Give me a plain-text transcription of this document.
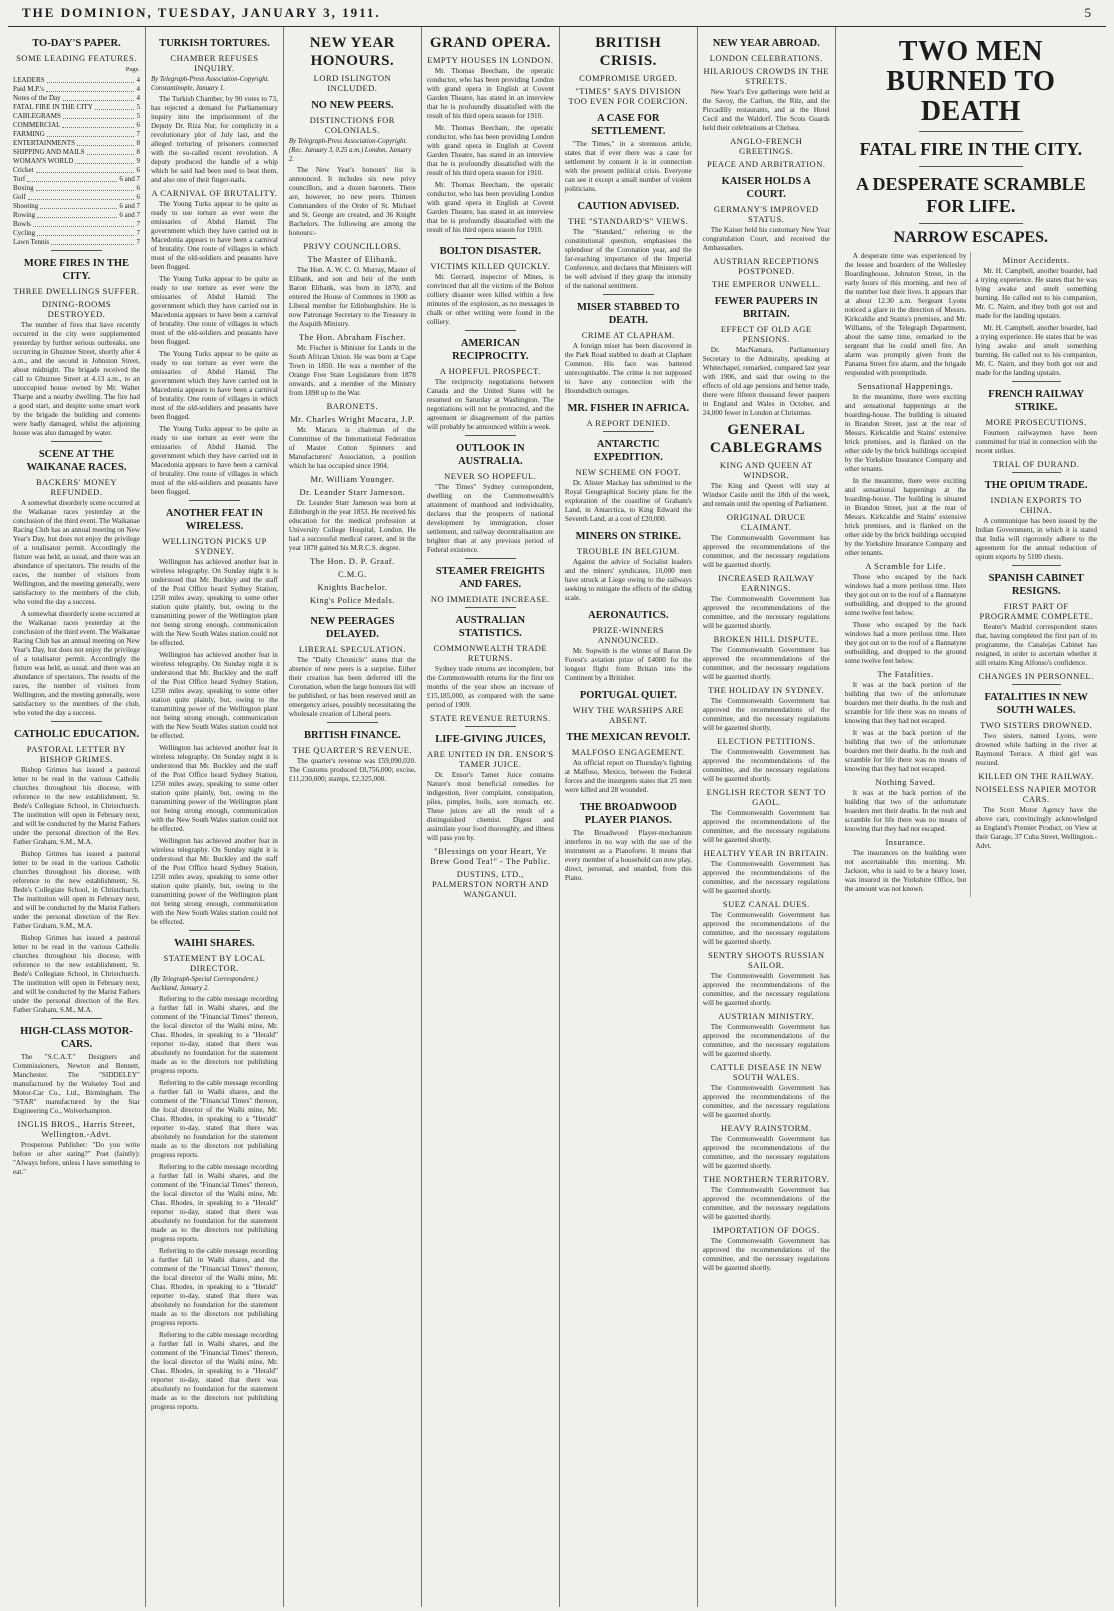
THE DOMINION, TUESDAY, JANUARY 3, 1911.	5
TO-DAY'S PAPER.
SOME LEADING FEATURES.
Page.
LEADERS	4
Paid M.P.'s	4
Notes of the Day	4
FATAL FIRE IN THE CITY	5
CABLEGRAMS	5
COMMERCIAL	6
FARMING	7
ENTERTAINMENTS	8
SHIPPING AND MAILS	8
WOMAN'S WORLD	9
Cricket	6
Turf	6 and 7
Boxing	6
Golf	6
Shooting	6 and 7
Rowing	6 and 7
Bowls	7
Cycling	7
Lawn Tennis	7
MORE FIRES IN THE CITY.
THREE DWELLINGS SUFFER.
DINING-ROOMS DESTROYED.

The number of fires that have recently occurred in the city were supplemented yesterday by further serious outbreaks, one occurring in Ghuznee Street, shortly after 4 a.m., and the second in Johnston Street, about midnight. The brigade received the call to Ghuznee Street at 4.13 a.m., to an unoccupied house owned by Mr. Walter Tharpe and a nearby dwelling. The fire had a good start, and despite some smart work by the brigade the building and contents were badly damaged, whilst the adjoining house was also damaged by water.

SCENE AT THE WAIKANAE RACES.
BACKERS' MONEY REFUNDED.

A somewhat disorderly scene occurred at the Waikanae races yesterday at the conclusion of the third event. The Waikanae Racing Club has an annual meeting on New Year's Day, but does not enjoy the privilege of a totalisator permit. Accordingly the fixture was held, as usual, and there was an abundance of spectators. The results of the races, the number of visitors from Wellington, and the meeting generally, were satisfactory to the members of the club, who voted the day a success.

A somewhat disorderly scene occurred at the Waikanae races yesterday at the conclusion of the third event. The Waikanae Racing Club has an annual meeting on New Year's Day, but does not enjoy the privilege of a totalisator permit. Accordingly the fixture was held, as usual, and there was an abundance of spectators. The results of the races, the number of visitors from Wellington, and the meeting generally, were satisfactory to the members of the club, who voted the day a success.

CATHOLIC EDUCATION.
PASTORAL LETTER BY BISHOP GRIMES.

Bishop Grimes has issued a pastoral letter to be read in the various Catholic churches throughout his diocese, with reference to the new establishment, St. Bede's Collegiate School, in Christchurch. The institution will open in February next, and will be conducted by the Marist Fathers under the personal direction of the Rev. Father Graham, S.M., M.A.

Bishop Grimes has issued a pastoral letter to be read in the various Catholic churches throughout his diocese, with reference to the new establishment, St. Bede's Collegiate School, in Christchurch. The institution will open in February next, and will be conducted by the Marist Fathers under the personal direction of the Rev. Father Graham, S.M., M.A.

Bishop Grimes has issued a pastoral letter to be read in the various Catholic churches throughout his diocese, with reference to the new establishment, St. Bede's Collegiate School, in Christchurch. The institution will open in February next, and will be conducted by the Marist Fathers under the personal direction of the Rev. Father Graham, S.M., M.A.

HIGH-CLASS MOTOR-CARS.

The "S.C.A.T." Designers and Commissioners, Newton and Bennett, Manchester. The "SIDDELEY" manufactured by the Wolseley Tool and Motor-Car Co., Ltd., Birmingham. The "STAR" manufactured by the Star Engineering Co., Wolverhampton.

INGLIS BROS., Harris Street, Wellington.-Advt.

Prosperous Publisher: "Do you write before or after eating?" Poet (faintly): "Always before, unless I have something to eat."

TURKISH TORTURES.
CHAMBER REFUSES INQUIRY.
By Telegraph-Press Association-Copyright. Constantinople, January 1.

The Turkish Chamber, by 90 votes to 73, has rejected a demand for Parliamentary inquiry into the imprisonment of the Deputy Dr. Riza Nur, for complicity in a revolutionary plot of July last, and the alleged torturing of prisoners connected with the so-called recent revolution. A deputy produced the handle of a whip which he said had been used to beat them, and also one of their finger-nails.

A CARNIVAL OF BRUTALITY.

The Young Turks appear to be quite as ready to use torture as ever were the emissaries of Abdul Hamid. The government which they have carried out in Macedonia appears to have been a carnival of brutality. One route of villages in which most of the old-soldiers and peasants have been flogged.

The Young Turks appear to be quite as ready to use torture as ever were the emissaries of Abdul Hamid. The government which they have carried out in Macedonia appears to have been a carnival of brutality. One route of villages in which most of the old-soldiers and peasants have been flogged.

The Young Turks appear to be quite as ready to use torture as ever were the emissaries of Abdul Hamid. The government which they have carried out in Macedonia appears to have been a carnival of brutality. One route of villages in which most of the old-soldiers and peasants have been flogged.

The Young Turks appear to be quite as ready to use torture as ever were the emissaries of Abdul Hamid. The government which they have carried out in Macedonia appears to have been a carnival of brutality. One route of villages in which most of the old-soldiers and peasants have been flogged.

ANOTHER FEAT IN WIRELESS.
WELLINGTON PICKS UP SYDNEY.

Wellington has achieved another feat in wireless telegraphy. On Sunday night it is understood that Mr. Buckley and the staff of the Post Office heard Sydney Station, 1250 miles away, speaking to some other station quite plainly, but, owing to the transmitting power of the Wellington plant not being strong enough, communication with the New South Wales station could not be effected.

Wellington has achieved another feat in wireless telegraphy. On Sunday night it is understood that Mr. Buckley and the staff of the Post Office heard Sydney Station, 1250 miles away, speaking to some other station quite plainly, but, owing to the transmitting power of the Wellington plant not being strong enough, communication with the New South Wales station could not be effected.

Wellington has achieved another feat in wireless telegraphy. On Sunday night it is understood that Mr. Buckley and the staff of the Post Office heard Sydney Station, 1250 miles away, speaking to some other station quite plainly, but, owing to the transmitting power of the Wellington plant not being strong enough, communication with the New South Wales station could not be effected.

Wellington has achieved another feat in wireless telegraphy. On Sunday night it is understood that Mr. Buckley and the staff of the Post Office heard Sydney Station, 1250 miles away, speaking to some other station quite plainly, but, owing to the transmitting power of the Wellington plant not being strong enough, communication with the New South Wales station could not be effected.

WAIHI SHARES.
STATEMENT BY LOCAL DIRECTOR.
(By Telegraph-Special Correspondent.) Auckland, January 2.

Referring to the cable message recording a further fall in Waihi shares, and the comment of the "Financial Times" thereon, the local director of the Waihi mine, Mr. Chas. Rhodes, in speaking to a "Herald" reporter to-day, stated that there was absolutely no foundation for the statement made as to the directors not publishing progress reports.

Referring to the cable message recording a further fall in Waihi shares, and the comment of the "Financial Times" thereon, the local director of the Waihi mine, Mr. Chas. Rhodes, in speaking to a "Herald" reporter to-day, stated that there was absolutely no foundation for the statement made as to the directors not publishing progress reports.

Referring to the cable message recording a further fall in Waihi shares, and the comment of the "Financial Times" thereon, the local director of the Waihi mine, Mr. Chas. Rhodes, in speaking to a "Herald" reporter to-day, stated that there was absolutely no foundation for the statement made as to the directors not publishing progress reports.

Referring to the cable message recording a further fall in Waihi shares, and the comment of the "Financial Times" thereon, the local director of the Waihi mine, Mr. Chas. Rhodes, in speaking to a "Herald" reporter to-day, stated that there was absolutely no foundation for the statement made as to the directors not publishing progress reports.

Referring to the cable message recording a further fall in Waihi shares, and the comment of the "Financial Times" thereon, the local director of the Waihi mine, Mr. Chas. Rhodes, in speaking to a "Herald" reporter to-day, stated that there was absolutely no foundation for the statement made as to the directors not publishing progress reports.

NEW YEAR HONOURS.
LORD ISLINGTON INCLUDED.
NO NEW PEERS.
DISTINCTIONS FOR COLONIALS.
By Telegraph-Press Association-Copyright. (Rec. January 3, 0.25 a.m.) London, January 2.

The New Year's honours' list is announced. It includes six new privy councillors, and a dozen baronets. There are, however, no new peers. Thirteen Commanders of the Order of St. Michael and St. George are created, and 36 Knight Bachelors. The following are among the honours:-

PRIVY COUNCILLORS.
The Master of Elibank.

The Hon. A. W. C. O. Murray, Master of Elibank, and son and heir of the tenth Baron Elibank, was born in 1870, and entered the House of Commons in 1900 as Liberal member for Edinburghshire. He is now Patronage Secretary to the Treasury in the Asquith Ministry.

The Hon. Abraham Fischer.

Mr. Fischer is Minister for Lands in the South African Union. He was born at Cape Town in 1850. He was a member of the Orange Free State Legislature from 1878 onwards, and a member of the Ministry from 1898 up to the War.

BARONETS.
Mr. Charles Wright Macara, J.P.

Mr. Macara is chairman of the Committee of the International Federation of Master Cotton Spinners and Manufacturers' Association, a position which he has occupied since 1904.

Mr. William Younger.
Dr. Leander Starr Jameson.

Dr. Leander Starr Jameson was born at Edinburgh in the year 1853. He received his education for the medical profession at University College Hospital, London. He had a successful medical career, and in the year 1878 gained his M.R.C.S. degree.

The Hon. D. P. Graaf.
C.M.G.
Knights Bachelor.
King's Police Medals.
NEW PEERAGES DELAYED.
LIBERAL SPECULATION.

The "Daily Chronicle" states that the absence of new peers is a surprise. Either their creation has been deferred till the Coronation, when the large honours list will be published, or has been reserved until an emergency arises, possibly necessitating the wholesale creation of Liberal peers.

BRITISH FINANCE.
THE QUARTER'S REVENUE.

The quarter's revenue was £59,090,020. The Customs produced £8,756,000; excise, £11,230,000; stamps, £2,325,000.

GRAND OPERA.
EMPTY HOUSES IN LONDON.

Mr. Thomas Beecham, the operatic conductor, who has been providing London with grand opera in English at Covent Garden Theatre, has stated in an interview that he is profoundly dissatisfied with the result of his third opera season for 1910.

Mr. Thomas Beecham, the operatic conductor, who has been providing London with grand opera in English at Covent Garden Theatre, has stated in an interview that he is profoundly dissatisfied with the result of his third opera season for 1910.

Mr. Thomas Beecham, the operatic conductor, who has been providing London with grand opera in English at Covent Garden Theatre, has stated in an interview that he is profoundly dissatisfied with the result of his third opera season for 1910.

BOLTON DISASTER.
VICTIMS KILLED QUICKLY.

Mr. Gerrard, inspector of Mines, is convinced that all the victims of the Bolton colliery disaster were killed within a few minutes of the explosion, as no messages in chalk or other writing were found in the colliery.

AMERICAN RECIPROCITY.
A HOPEFUL PROSPECT.

The reciprocity negotiations between Canada and the United States will be resumed on Saturday at Washington. The negotiations will not be protracted, and the agreement or disagreement of the parties will probably be announced within a week.

OUTLOOK IN AUSTRALIA.
NEVER SO HOPEFUL.

"The Times" Sydney correspondent, dwelling on the Commonwealth's attainment of manhood and individuality, declares that the prospects of national development by immigration, closer settlement, and railway decentralisation are brighter than at any previous period of Federal existence.

STEAMER FREIGHTS AND FARES.
NO IMMEDIATE INCREASE.
AUSTRALIAN STATISTICS.
COMMONWEALTH TRADE RETURNS.

Sydney trade returns are incomplete, but the Commonwealth returns for the first ten months of the year show an increase of £15,185,000, as compared with the same period of 1909.

STATE REVENUE RETURNS.
LIFE-GIVING JUICES,
ARE UNITED IN DR. ENSOR'S TAMER JUICE.

Dr. Ensor's Tamer Juice contains Nature's most beneficial remedies for indigestion, liver complaint, constipation, piles, pimples, boils, sore stomach, etc. These juices are all the result of a distinguished chemist. Digest and assimilate your food thoroughly, and illness will pass you by.

"Blessings on your Heart, Ye Brew Good Tea!" - The Public.
DUSTINS, LTD., PALMERSTON NORTH AND WANGANUI.
BRITISH CRISIS.
COMPROMISE URGED.
"TIMES" SAYS DIVISION TOO EVEN FOR COERCION.
A CASE FOR SETTLEMENT.

"The Times," in a strenuous article, states that if ever there was a case for settlement by consent it is in connection with the present political crisis. Everyone can see it except a small number of violent politicians.

CAUTION ADVISED.
THE "STANDARD'S" VIEWS.

The "Standard," referring to the constitutional question, emphasises the splendour of the Coronation year, and the far-reaching importance of the Imperial Conference, and declares that Ministers will be well advised if they grasp the intensity of the national sentiment.

MISER STABBED TO DEATH.
CRIME AT CLAPHAM.

A foreign miser has been discovered in the Park Road stabbed to death at Clapham Common. His face was battered unrecognisable. The crime is not supposed to have any connection with the Houndsditch outrages.

MR. FISHER IN AFRICA.
A REPORT DENIED.
ANTARCTIC EXPEDITION.
NEW SCHEME ON FOOT.

Dr. Alister Mackay has submitted to the Royal Geographical Society plans for the exploration of the coastline of Graham's Land, in Antarctica, to King Edward the Seventh Land, at a cost of £20,000.

MINERS ON STRIKE.
TROUBLE IN BELGIUM.

Against the advice of Socialist leaders and the miners' syndicates, 10,000 men have struck at Liege owing to the railways seeking to mitigate the effects of the sliding scale.

AERONAUTICS.
PRIZE-WINNERS ANNOUNCED.

Mr. Sopwith is the winner of Baron De Forest's aviation prize of £4000 for the longest flight from Britain into the Continent by a Britisher.

PORTUGAL QUIET.
WHY THE WARSHIPS ARE ABSENT.
THE MEXICAN REVOLT.
MALFOSO ENGAGEMENT.

An official report on Thursday's fighting at Malfoso, Mexico, between the Federal forces and the insurgents states that 25 men were killed and 28 wounded.

THE BROADWOOD PLAYER PIANOS.

The Broadwood Player-mechanism interferes in no way with the use of the instrument as a Pianoforte. It means that every member of a household can now play, direct, personal, and unaided, from this Piano.

NEW YEAR ABROAD.
LONDON CELEBRATIONS.
HILARIOUS CROWDS IN THE STREETS.

New Year's Eve gatherings were held at the Savoy, the Carlton, the Ritz, and the Piccadilly restaurants, and at the Hotel Cecil and the Waldorf. The Scots Guards held their celebrations at Chelsea.

ANGLO-FRENCH GREETINGS.
PEACE AND ARBITRATION.
KAISER HOLDS A COURT.
GERMANY'S IMPROVED STATUS.

The Kaiser held his customary New Year congratulation Court, and received the Ambassadors.

AUSTRIAN RECEPTIONS POSTPONED.
THE EMPEROR UNWELL.
FEWER PAUPERS IN BRITAIN.
EFFECT OF OLD AGE PENSIONS.

Dr. MacNamara, Parliamentary Secretary to the Admiralty, speaking at Whitechapel, remarked, compared last year with 1906, and said that owing to the effects of old age pensions and better trade, there were fifteen thousand fewer paupers in England and Wales in October, and 24,000 fewer in London at Christmas.

GENERAL CABLEGRAMS
KING AND QUEEN AT WINDSOR.

The King and Queen will stay at Windsor Castle until the 18th of the week, and remain until the opening of Parliament.

ORIGINAL DRUCE CLAIMANT.

The Commonwealth Government has approved the recommendations of the committee, and the necessary regulations will be gazetted shortly.

INCREASED RAILWAY EARNINGS.

The Commonwealth Government has approved the recommendations of the committee, and the necessary regulations will be gazetted shortly.

BROKEN HILL DISPUTE.

The Commonwealth Government has approved the recommendations of the committee, and the necessary regulations will be gazetted shortly.

THE HOLIDAY IN SYDNEY.

The Commonwealth Government has approved the recommendations of the committee, and the necessary regulations will be gazetted shortly.

ELECTION PETITIONS.

The Commonwealth Government has approved the recommendations of the committee, and the necessary regulations will be gazetted shortly.

ENGLISH RECTOR SENT TO GAOL.

The Commonwealth Government has approved the recommendations of the committee, and the necessary regulations will be gazetted shortly.

HEALTHY YEAR IN BRITAIN.

The Commonwealth Government has approved the recommendations of the committee, and the necessary regulations will be gazetted shortly.

SUEZ CANAL DUES.

The Commonwealth Government has approved the recommendations of the committee, and the necessary regulations will be gazetted shortly.

SENTRY SHOOTS RUSSIAN SAILOR.

The Commonwealth Government has approved the recommendations of the committee, and the necessary regulations will be gazetted shortly.

AUSTRIAN MINISTRY.

The Commonwealth Government has approved the recommendations of the committee, and the necessary regulations will be gazetted shortly.

CATTLE DISEASE IN NEW SOUTH WALES.

The Commonwealth Government has approved the recommendations of the committee, and the necessary regulations will be gazetted shortly.

HEAVY RAINSTORM.

The Commonwealth Government has approved the recommendations of the committee, and the necessary regulations will be gazetted shortly.

THE NORTHERN TERRITORY.

The Commonwealth Government has approved the recommendations of the committee, and the necessary regulations will be gazetted shortly.

IMPORTATION OF DOGS.

The Commonwealth Government has approved the recommendations of the committee, and the necessary regulations will be gazetted shortly.

TWO MEN BURNED TO DEATH
FATAL FIRE IN THE CITY.
A DESPERATE SCRAMBLE FOR LIFE.
NARROW ESCAPES.

A desperate time was experienced by the lessee and boarders of the Wellesley Boardinghouse, Johnston Street, in the early hours of this morning, and two of the number lost their lives. It appears that at about 12.30 a.m. Sergeant Lyons noticed a glare in the direction of Messrs. Kirkcaldie and Stains's premises, and Mr. Williams, of the Telegraph Department, about the same time, remarked to the sergeant that he could smell fire. An alarm was promptly given from the Panama Street fire alarm, and the brigade responded with promptitude.

Sensational Happenings.

In the meantime, there were exciting and sensational happenings at the boarding-house. The building is situated in Brandon Street, just at the rear of Messrs. Kirkcaldie and Stains' extensive brick premises, and is flanked on the other side by the brick buildings occupied by the Yorkshire Insurance Company and other tenants.

In the meantime, there were exciting and sensational happenings at the boarding-house. The building is situated in Brandon Street, just at the rear of Messrs. Kirkcaldie and Stains' extensive brick premises, and is flanked on the other side by the brick buildings occupied by the Yorkshire Insurance Company and other tenants.

A Scramble for Life.

Those who escaped by the back windows had a more perilous time. Here they got out on to the roof of a Bannatyne outbuilding, and dropped to the ground some twelve feet below.

Those who escaped by the back windows had a more perilous time. Here they got out on to the roof of a Bannatyne outbuilding, and dropped to the ground some twelve feet below.

The Fatalities.

It was at the back portion of the building that two of the unfortunate boarders met their deaths. In the rush and scramble for life there was no means of knowing that they had not escaped.

It was at the back portion of the building that two of the unfortunate boarders met their deaths. In the rush and scramble for life there was no means of knowing that they had not escaped.

Nothing Saved.

It was at the back portion of the building that two of the unfortunate boarders met their deaths. In the rush and scramble for life there was no means of knowing that they had not escaped.

Insurance.

The insurances on the building were not ascertainable this morning. Mr. Jackson, who is said to be a heavy loser, was insured in the Yorkshire Office, but the amount was not known.

Minor Accidents.

Mr. H. Campbell, another boarder, had a trying experience. He states that he was lying awake and smelt something burning. He called out to his companion, Mr. C. Nairn, and they both got out and made for the landing upstairs.

Mr. H. Campbell, another boarder, had a trying experience. He states that he was lying awake and smelt something burning. He called out to his companion, Mr. C. Nairn, and they both got out and made for the landing upstairs.

FRENCH RAILWAY STRIKE.
MORE PROSECUTIONS.

Fourteen railwaymen have been committed for trial in connection with the recent strikes.

TRIAL OF DURAND.
THE OPIUM TRADE.
INDIAN EXPORTS TO CHINA.

A communique has been issued by the Indian Government, in which it is stated that India will rigorously adhere to the agreement for the annual reduction of opium exports by 5100 chests.

SPANISH CABINET RESIGNS.
FIRST PART OF PROGRAMME COMPLETE.

Reuter's Madrid correspondent states that, having completed the first part of its programme, the Canalejas Cabinet has resigned, in order to ascertain whether it still retains King Alfonso's confidence.

CHANGES IN PERSONNEL.
FATALITIES IN NEW SOUTH WALES.
TWO SISTERS DROWNED.

Two sisters, named Lyons, were drowned while bathing in the river at Raymond Terrace. A third girl was rescued.

KILLED ON THE RAILWAY.
NOISELESS NAPIER MOTOR CARS.

The Scott Motor Agency have the above cars, convincingly acknowledged as England's Premier Product, on View at their Garage, 37 Cuba Street, Wellington.-Advt.
